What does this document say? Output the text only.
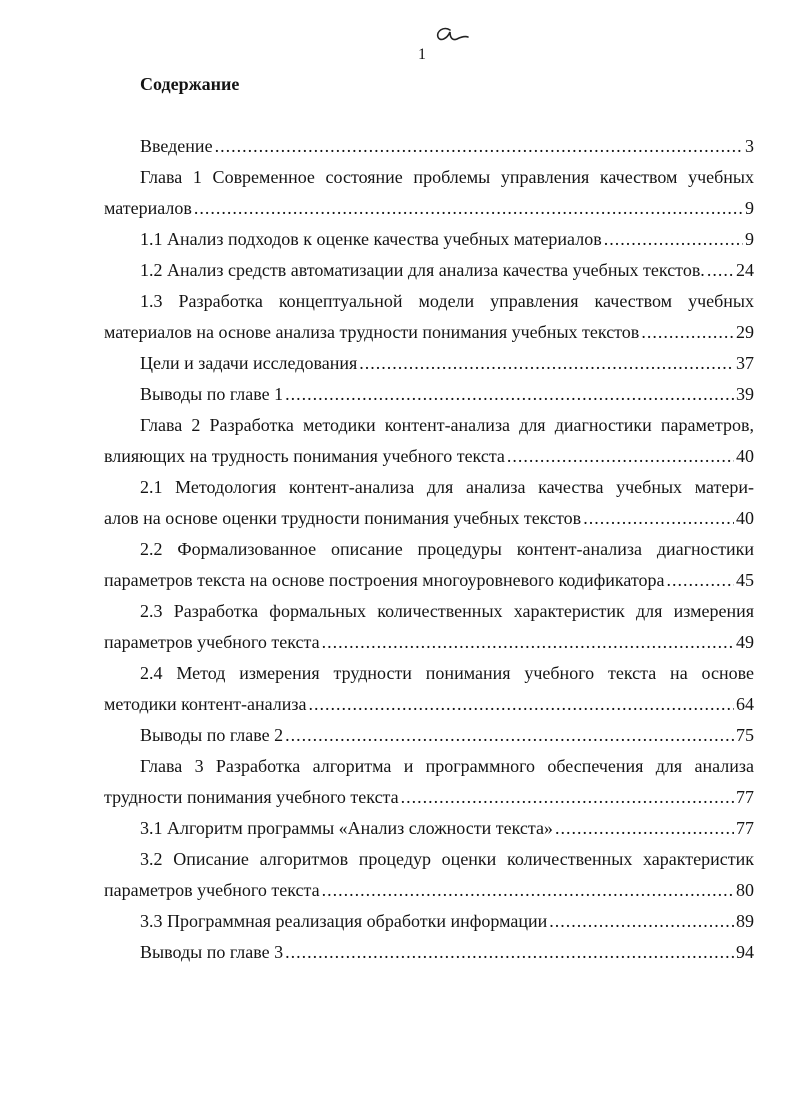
1
Содержание
Введение .....	3
Глава 1 Современное состояние проблемы управления качеством учебных
материалов .....	9
1.1 Анализ подходов к оценке качества учебных материалов .....	9
1.2 Анализ средств автоматизации для анализа качества учебных текстов. ..... 24
1.3 Разработка концептуальной модели управления качеством учебных
материалов на основе анализа трудности понимания учебных текстов .....	29
Цели и задачи исследования .....	37
Выводы по главе 1 .....	39
Глава 2 Разработка методики контент-анализа для диагностики параметров,
влияющих на трудность понимания учебного текста .....	40
2.1 Методология контент-анализа для анализа качества учебных матери-
алов на основе оценки трудности понимания учебных текстов .....	40
2.2 Формализованное описание процедуры контент-анализа диагностики
параметров текста на основе построения многоуровневого кодификатора .....	45
2.3 Разработка формальных количественных характеристик для измерения
параметров учебного текста .....	49
2.4 Метод измерения трудности понимания учебного текста на основе
методики контент-анализа .....	64
Выводы по главе 2 .....	75
Глава 3 Разработка алгоритма и программного обеспечения для анализа
трудности понимания учебного текста .....	77
3.1 Алгоритм программы «Анализ сложности текста» .....	77
3.2 Описание алгоритмов процедур оценки количественных характеристик
параметров учебного текста .....	80
3.3 Программная реализация обработки информации .....	89
Выводы по главе 3 .....	94
